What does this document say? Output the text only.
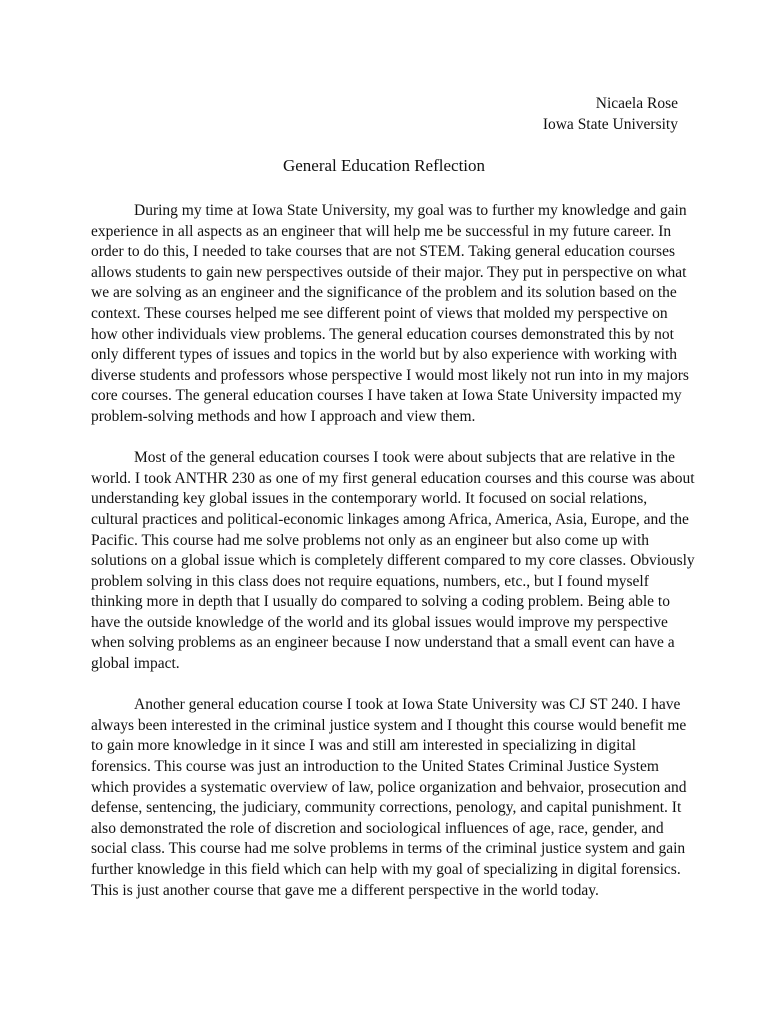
Nicaela Rose
Iowa State University
General Education Reflection

During my time at Iowa State University, my goal was to further my knowledge and gain

experience in all aspects as an engineer that will help me be successful in my future career. In

order to do this, I needed to take courses that are not STEM. Taking general education courses

allows students to gain new perspectives outside of their major. They put in perspective on what

we are solving as an engineer and the significance of the problem and its solution based on the

context. These courses helped me see different point of views that molded my perspective on

how other individuals view problems. The general education courses demonstrated this by not

only different types of issues and topics in the world but by also experience with working with

diverse students and professors whose perspective I would most likely not run into in my majors

core courses. The general education courses I have taken at Iowa State University impacted my

problem-solving methods and how I approach and view them.

Most of the general education courses I took were about subjects that are relative in the

world. I took ANTHR 230 as one of my first general education courses and this course was about

understanding key global issues in the contemporary world. It focused on social relations,

cultural practices and political-economic linkages among Africa, America, Asia, Europe, and the

Pacific. This course had me solve problems not only as an engineer but also come up with

solutions on a global issue which is completely different compared to my core classes. Obviously

problem solving in this class does not require equations, numbers, etc., but I found myself

thinking more in depth that I usually do compared to solving a coding problem. Being able to

have the outside knowledge of the world and its global issues would improve my perspective

when solving problems as an engineer because I now understand that a small event can have a

global impact.

Another general education course I took at Iowa State University was CJ ST 240. I have

always been interested in the criminal justice system and I thought this course would benefit me

to gain more knowledge in it since I was and still am interested in specializing in digital

forensics. This course was just an introduction to the United States Criminal Justice System

which provides a systematic overview of law, police organization and behvaior, prosecution and

defense, sentencing, the judiciary, community corrections, penology, and capital punishment. It

also demonstrated the role of discretion and sociological influences of age, race, gender, and

social class. This course had me solve problems in terms of the criminal justice system and gain

further knowledge in this field which can help with my goal of specializing in digital forensics.

This is just another course that gave me a different perspective in the world today.
